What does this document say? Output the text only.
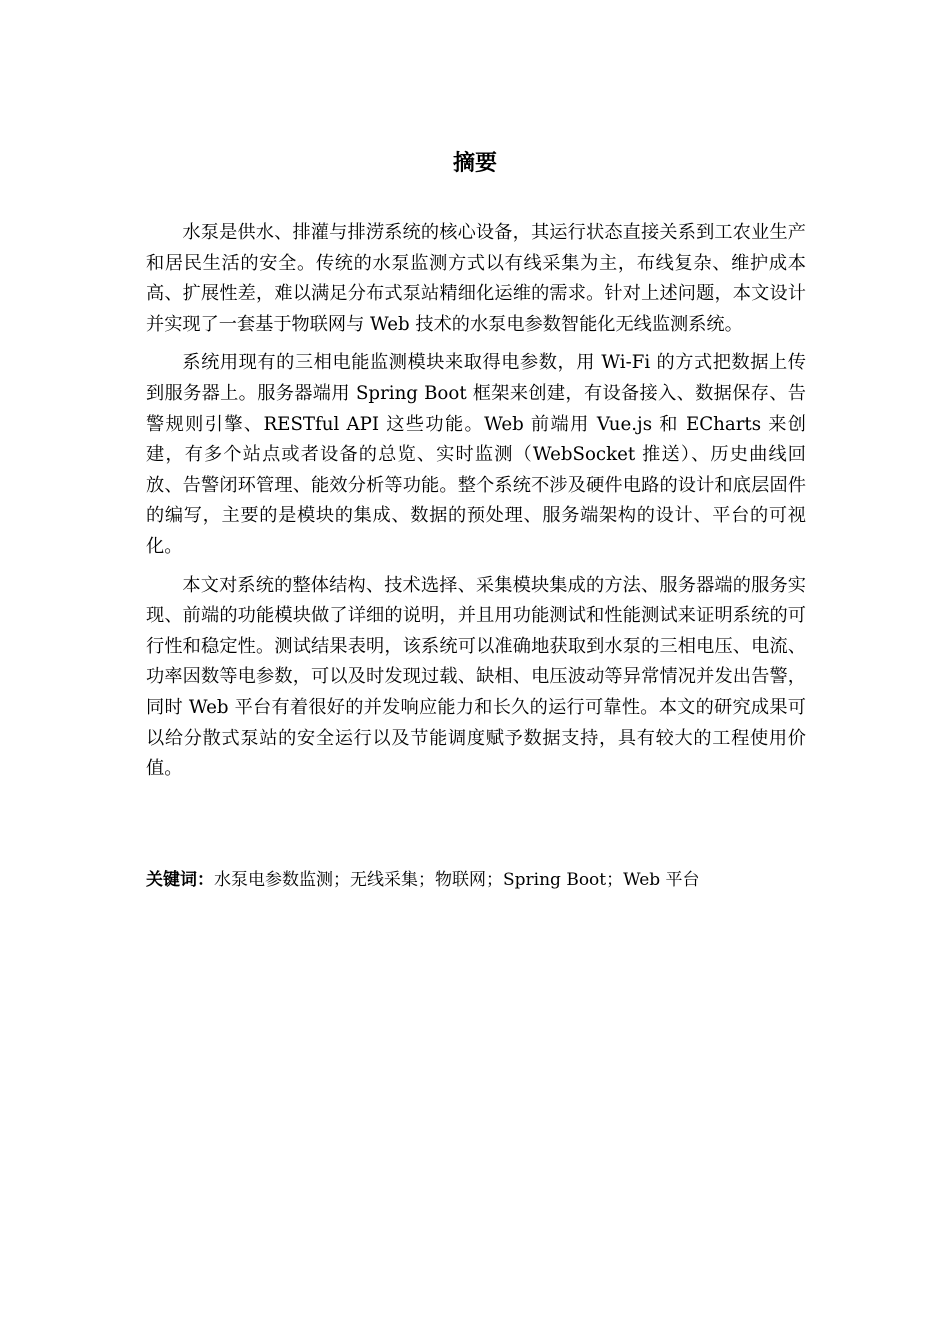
摘要

水泵是供水、排灌与排涝系统的核心设备，其运行状态直接关系到工农业生产和居民生活的安全。传统的水泵监测方式以有线采集为主，布线复杂、维护成本高、扩展性差，难以满足分布式泵站精细化运维的需求。针对上述问题，本文设计并实现了一套基于物联网与 Web 技术的水泵电参数智能化无线监测系统。

系统用现有的三相电能监测模块来取得电参数，用 Wi-Fi 的方式把数据上传到服务器上。服务器端用 Spring Boot 框架来创建，有设备接入、数据保存、告警规则引擎、RESTful API 这些功能。Web 前端用 Vue.js 和 ECharts 来创建，有多个站点或者设备的总览、实时监测（WebSocket 推送）、历史曲线回放、告警闭环管理、能效分析等功能。整个系统不涉及硬件电路的设计和底层固件的编写，主要的是模块的集成、数据的预处理、服务端架构的设计、平台的可视化。

本文对系统的整体结构、技术选择、采集模块集成的方法、服务器端的服务实现、前端的功能模块做了详细的说明，并且用功能测试和性能测试来证明系统的可行性和稳定性。测试结果表明，该系统可以准确地获取到水泵的三相电压、电流、功率因数等电参数，可以及时发现过载、缺相、电压波动等异常情况并发出告警，同时 Web 平台有着很好的并发响应能力和长久的运行可靠性。本文的研究成果可以给分散式泵站的安全运行以及节能调度赋予数据支持，具有较大的工程使用价值。

关键词：水泵电参数监测；无线采集；物联网；Spring Boot；Web 平台
